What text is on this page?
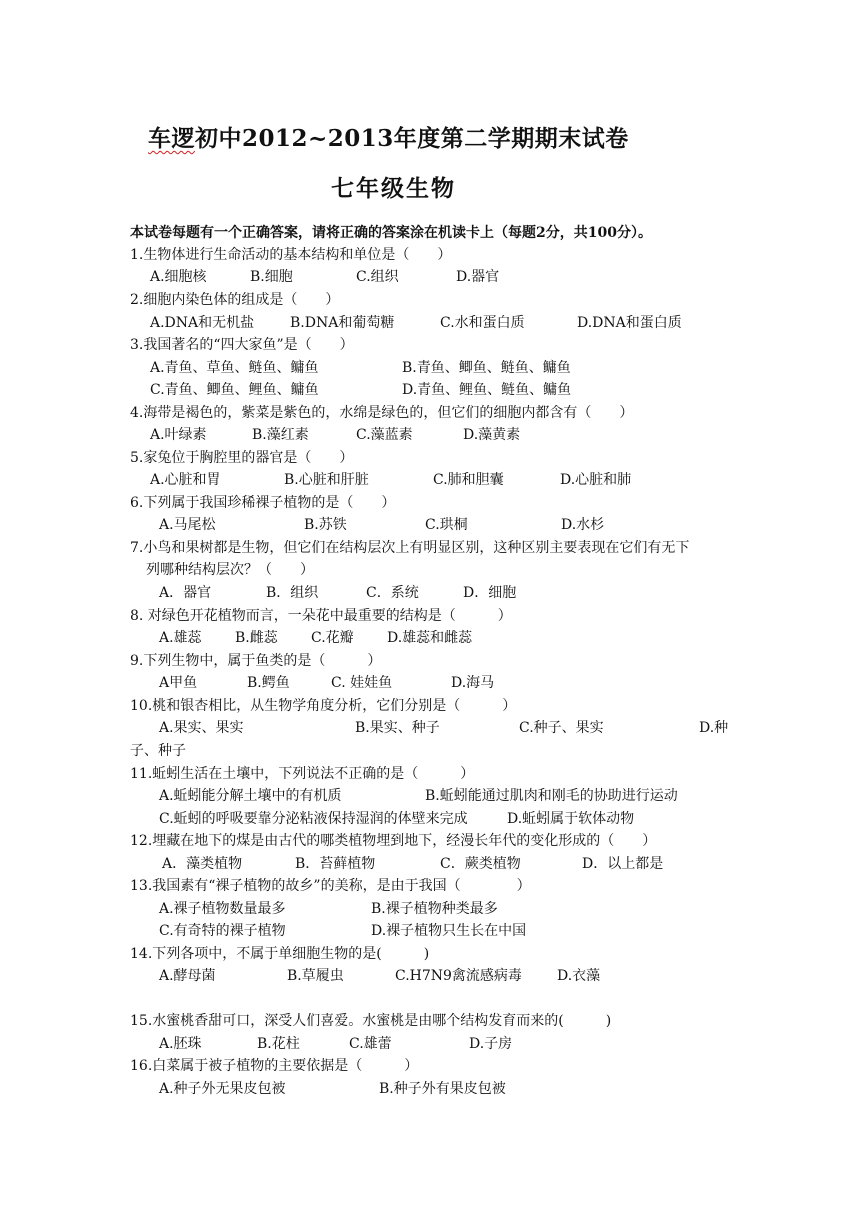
车逻初中2012~2013年度第二学期期末试卷
七年级生物
本试卷每题有一个正确答案，请将正确的答案涂在机读卡上（每题2分，共100分）。
1.生物体进行生命活动的基本结构和单位是（　　）
A.细胞核	B.细胞	C.组织	D.器官
2.细胞内染色体的组成是（　　）
A.DNA和无机盐	B.DNA和葡萄糖	C.水和蛋白质	D.DNA和蛋白质
3.我国著名的“四大家鱼”是（　　）
A.青鱼、草鱼、鲢鱼、鳙鱼	B.青鱼、鲫鱼、鲢鱼、鳙鱼
C.青鱼、鲫鱼、鲤鱼、鳙鱼	D.青鱼、鲤鱼、鲢鱼、鳙鱼
4.海带是褐色的，紫菜是紫色的，水绵是绿色的，但它们的细胞内都含有（　　）
A.叶绿素	B.藻红素	C.藻蓝素	D.藻黄素
5.家兔位于胸腔里的器官是（　　）
A.心脏和胃	B.心脏和肝脏	C.肺和胆囊	D.心脏和肺
6.下列属于我国珍稀裸子植物的是（　　）
A.马尾松	B.苏铁	C.珙桐	D.水杉
7.小鸟和果树都是生物，但它们在结构层次上有明显区别，这种区别主要表现在它们有无下
列哪种结构层次？（　　）
A．器官	B．组织	C．系统	D．细胞
8. 对绿色开花植物而言，一朵花中最重要的结构是（　　　）
A.雄蕊 B.雌蕊 C.花瓣 D.雄蕊和雌蕊
9.下列生物中，属于鱼类的是（　　　）
A甲鱼	B.鳄鱼	C. 娃娃鱼	D.海马
10.桃和银杏相比，从生物学角度分析，它们分别是（　　　）
A.果实、果实	B.果实、种子	C.种子、果实	D.种
子、种子
11.蚯蚓生活在土壤中，下列说法不正确的是（　　　）
A.蚯蚓能分解土壤中的有机质	B.蚯蚓能通过肌肉和刚毛的协助进行运动
C.蚯蚓的呼吸要靠分泌粘液保持湿润的体壁来完成	D.蚯蚓属于软体动物
12.埋藏在地下的煤是由古代的哪类植物埋到地下，经漫长年代的变化形成的（　　）
A．藻类植物	B．苔藓植物	C．蕨类植物	D．以上都是
13.我国素有“裸子植物的故乡”的美称，是由于我国（　　　　）
A.裸子植物数量最多	B.裸子植物种类最多
C.有奇特的裸子植物	D.裸子植物只生长在中国
14.下列各项中，不属于单细胞生物的是(　　　)
A.酵母菌	B.草履虫	C.H7N9禽流感病毒	D.衣藻
15.水蜜桃香甜可口，深受人们喜爱。水蜜桃是由哪个结构发育而来的(　　　)
A.胚珠	B.花柱	C.雄蕾	D.子房
16.白菜属于被子植物的主要依据是（　　　）
A.种子外无果皮包被	B.种子外有果皮包被
